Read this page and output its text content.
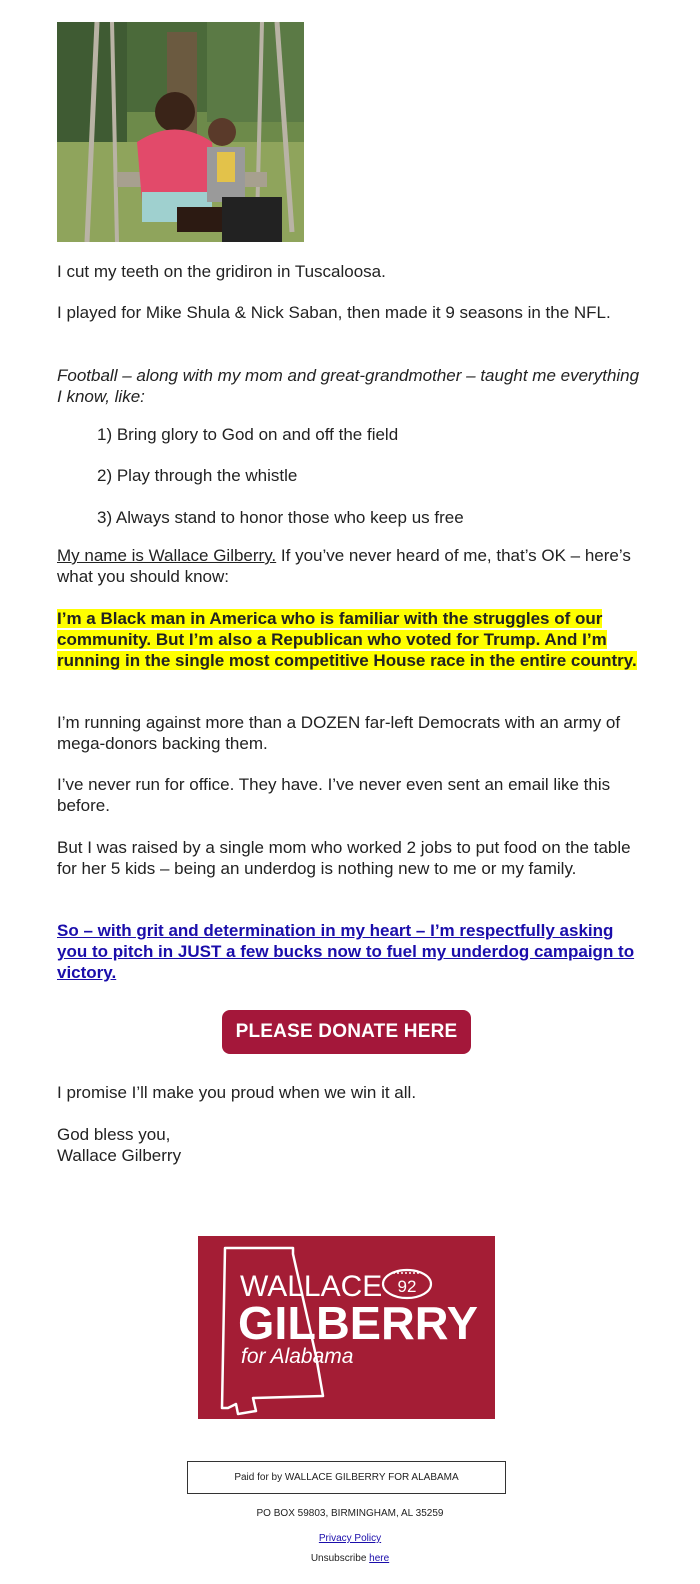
I cut my teeth on the gridiron in Tuscaloosa.

I played for Mike Shula & Nick Saban, then made it 9 seasons in the NFL.

Football – along with my mom and great-grandmother – taught me everything I know, like:

1) Bring glory to God on and off the field

2) Play through the whistle

3) Always stand to honor those who keep us free

My name is Wallace Gilberry. If you’ve never heard of me, that’s OK – here’s what you should know:

I’m a Black man in America who is familiar with the struggles of our community. But I’m also a Republican who voted for Trump. And I’m running in the single most competitive House race in the entire country.

I’m running against more than a DOZEN far-left Democrats with an army of mega-donors backing them.

I’ve never run for office. They have. I’ve never even sent an email like this before.

But I was raised by a single mom who worked 2 jobs to put food on the table for her 5 kids – being an underdog is nothing new to me or my family.

So – with grit and determination in my heart – I’m respectfully asking you to pitch in JUST a few bucks now to fuel my underdog campaign to victory.

PLEASE DONATE HERE

I promise I’ll make you proud when we win it all.

God bless you,

Wallace Gilberry

WALLACE 92
GILBERRY
for Alabama
Paid for by WALLACE GILBERRY FOR ALABAMA
PO BOX 59803, BIRMINGHAM, AL 35259
Privacy Policy
Unsubscribe here
